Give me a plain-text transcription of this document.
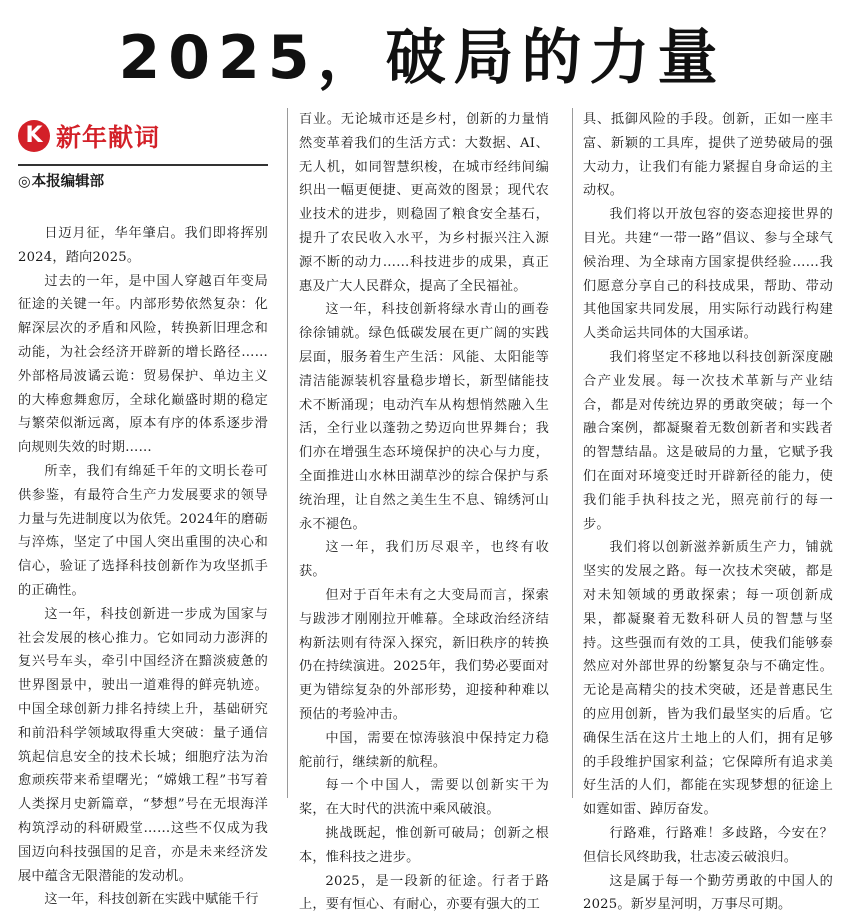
2025，破局的力量
K 新年献词
◎本报编辑部

日迈月征，华年肇启。我们即将挥别2024，踏向2025。

过去的一年，是中国人穿越百年变局征途的关键一年。内部形势依然复杂：化解深层次的矛盾和风险，转换新旧理念和动能，为社会经济开辟新的增长路径……外部格局波谲云诡：贸易保护、单边主义的大棒愈舞愈厉，全球化巅盛时期的稳定与繁荣似渐远离，原本有序的体系逐步滑向规则失效的时期……

所幸，我们有绵延千年的文明长卷可供参鉴，有最符合生产力发展要求的领导力量与先进制度以为依凭。2024年的磨砺与淬炼，坚定了中国人突出重围的决心和信心，验证了选择科技创新作为攻坚抓手的正确性。

这一年，科技创新进一步成为国家与社会发展的核心推力。它如同动力澎湃的复兴号车头，牵引中国经济在黯淡疲惫的世界图景中，驶出一道难得的鲜亮轨迹。中国全球创新力排名持续上升，基础研究和前沿科学领域取得重大突破：量子通信筑起信息安全的技术长城；细胞疗法为治愈顽疾带来希望曙光；“嫦娥工程”书写着人类探月史新篇章，“梦想”号在无垠海洋构筑浮动的科研殿堂……这些不仅成为我国迈向科技强国的足音，亦是未来经济发展中蕴含无限潜能的发动机。

这一年，科技创新在实践中赋能千行

百业。无论城市还是乡村，创新的力量悄然变革着我们的生活方式：大数据、AI、无人机，如同智慧织梭，在城市经纬间编织出一幅更便捷、更高效的图景；现代农业技术的进步，则稳固了粮食安全基石，提升了农民收入水平，为乡村振兴注入源源不断的动力……科技进步的成果，真正惠及广大人民群众，提高了全民福祉。

这一年，科技创新将绿水青山的画卷徐徐铺就。绿色低碳发展在更广阔的实践层面，服务着生产生活：风能、太阳能等清洁能源装机容量稳步增长，新型储能技术不断涌现；电动汽车从构想悄然融入生活，全行业以蓬勃之势迈向世界舞台；我们亦在增强生态环境保护的决心与力度，全面推进山水林田湖草沙的综合保护与系统治理，让自然之美生生不息、锦绣河山永不褪色。

这一年，我们历尽艰辛，也终有收获。

但对于百年未有之大变局而言，探索与跋涉才刚刚拉开帷幕。全球政治经济结构新法则有待深入探究，新旧秩序的转换仍在持续演进。2025年，我们势必要面对更为错综复杂的外部形势，迎接种种难以预估的考验冲击。

中国，需要在惊涛骇浪中保持定力稳舵前行，继续新的航程。

每一个中国人，需要以创新实干为桨，在大时代的洪流中乘风破浪。

挑战既起，惟创新可破局；创新之根本，惟科技之进步。

2025，是一段新的征途。行者于路上，要有恒心、有耐心，亦要有强大的工

具、抵御风险的手段。创新，正如一座丰富、新颖的工具库，提供了逆势破局的强大动力，让我们有能力紧握自身命运的主动权。

我们将以开放包容的姿态迎接世界的目光。共建“一带一路”倡议、参与全球气候治理、为全球南方国家提供经验……我们愿意分享自己的科技成果，帮助、带动其他国家共同发展，用实际行动践行构建人类命运共同体的大国承诺。

我们将坚定不移地以科技创新深度融合产业发展。每一次技术革新与产业结合，都是对传统边界的勇敢突破；每一个融合案例，都凝聚着无数创新者和实践者的智慧结晶。这是破局的力量，它赋予我们在面对环境变迁时开辟新径的能力，使我们能手执科技之光，照亮前行的每一步。

我们将以创新滋养新质生产力，铺就坚实的发展之路。每一次技术突破，都是对未知领域的勇敢探索；每一项创新成果，都凝聚着无数科研人员的智慧与坚持。这些强而有效的工具，使我们能够泰然应对外部世界的纷繁复杂与不确定性。无论是高精尖的技术突破，还是普惠民生的应用创新，皆为我们最坚实的后盾。它确保生活在这片土地上的人们，拥有足够的手段维护国家利益；它保障所有追求美好生活的人们，都能在实现梦想的征途上如霆如雷、踔厉奋发。

行路难，行路难！多歧路，今安在？但信长风终助我，壮志凌云破浪归。

这是属于每一个勤劳勇敢的中国人的2025。新岁星河明，万事尽可期。
